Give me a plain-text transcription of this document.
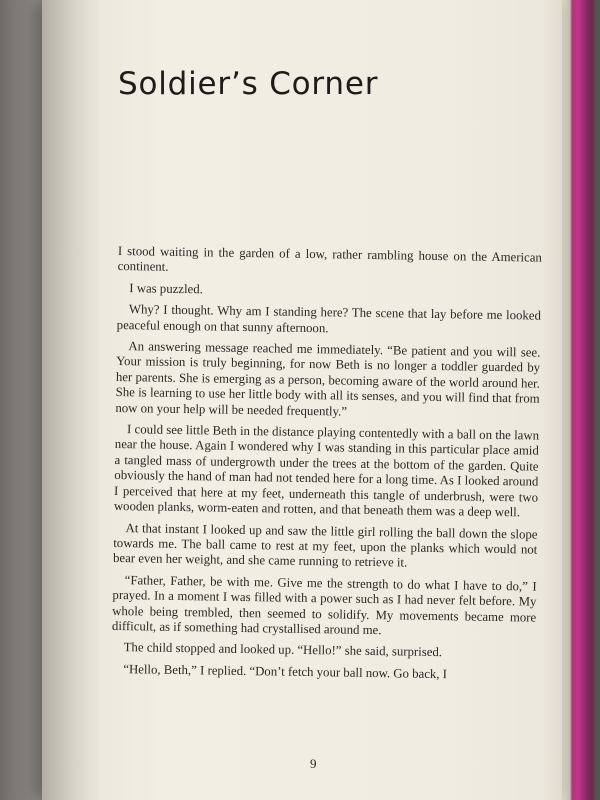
Soldier’s Corner

I stood waiting in the garden of a low, rather rambling house on the American continent.

I was puzzled.

Why? I thought. Why am I standing here? The scene that lay before me looked peaceful enough on that sunny afternoon.

An answering message reached me immediately. “Be patient and you will see. Your mission is truly beginning, for now Beth is no longer a toddler guarded by her parents. She is emerging as a person, becoming aware of the world around her. She is learning to use her little body with all its senses, and you will find that from now on your help will be needed frequently.”

I could see little Beth in the distance playing contentedly with a ball on the lawn near the house. Again I wondered why I was standing in this particular place amid a tangled mass of undergrowth under the trees at the bottom of the garden. Quite obviously the hand of man had not tended here for a long time. As I looked around I perceived that here at my feet, underneath this tangle of underbrush, were two wooden planks, worm-eaten and rotten, and that beneath them was a deep well.

At that instant I looked up and saw the little girl rolling the ball down the slope towards me. The ball came to rest at my feet, upon the planks which would not bear even her weight, and she came running to retrieve it.

“Father, Father, be with me. Give me the strength to do what I have to do,” I prayed. In a moment I was filled with a power such as I had never felt before. My whole being trembled, then seemed to solidify. My movements became more difficult, as if something had crystallised around me.

The child stopped and looked up. “Hello!” she said, surprised.

“Hello, Beth,” I replied. “Don’t fetch your ball now. Go back, I

9
